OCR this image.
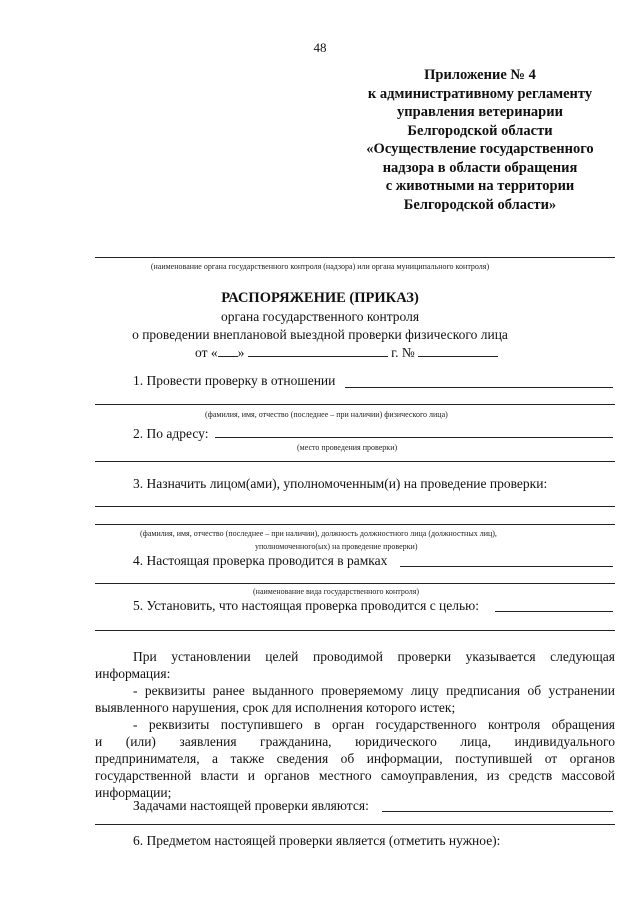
48
Приложение № 4
к административному регламенту
управления ветеринарии
Белгородской области
«Осуществление государственного
надзора в области обращения
с животными на территории
Белгородской области»
(наименование органа государственного контроля (надзора) или органа муниципального контроля)
РАСПОРЯЖЕНИЕ (ПРИКАЗ)
органа государственного контроля
о проведении внеплановой выездной проверки физического лица
от « »	г. №
1. Провести проверку в отношении
(фамилия, имя, отчество (последнее – при наличии) физического лица)
2. По адресу:
(место проведения проверки)
3. Назначить лицом(ами), уполномоченным(и) на проведение проверки:
(фамилия, имя, отчество (последнее – при наличии), должность должностного лица (должностных лиц),
уполномоченного(ых) на проведение проверки)
4. Настоящая проверка проводится в рамках
(наименование вида государственного контроля)
5. Установить, что настоящая проверка проводится с целью:
При установлении целей проводимой проверки указывается следующая
информация:
- реквизиты ранее выданного проверяемому лицу предписания об устранении
выявленного нарушения, срок для исполнения которого истек;
- реквизиты поступившего в орган государственного контроля обращения
и (или) заявления гражданина, юридического лица, индивидуального
предпринимателя, а также сведения об информации, поступившей от органов
государственной власти и органов местного самоуправления, из средств массовой
информации;
Задачами настоящей проверки являются:
6. Предметом настоящей проверки является (отметить нужное):
